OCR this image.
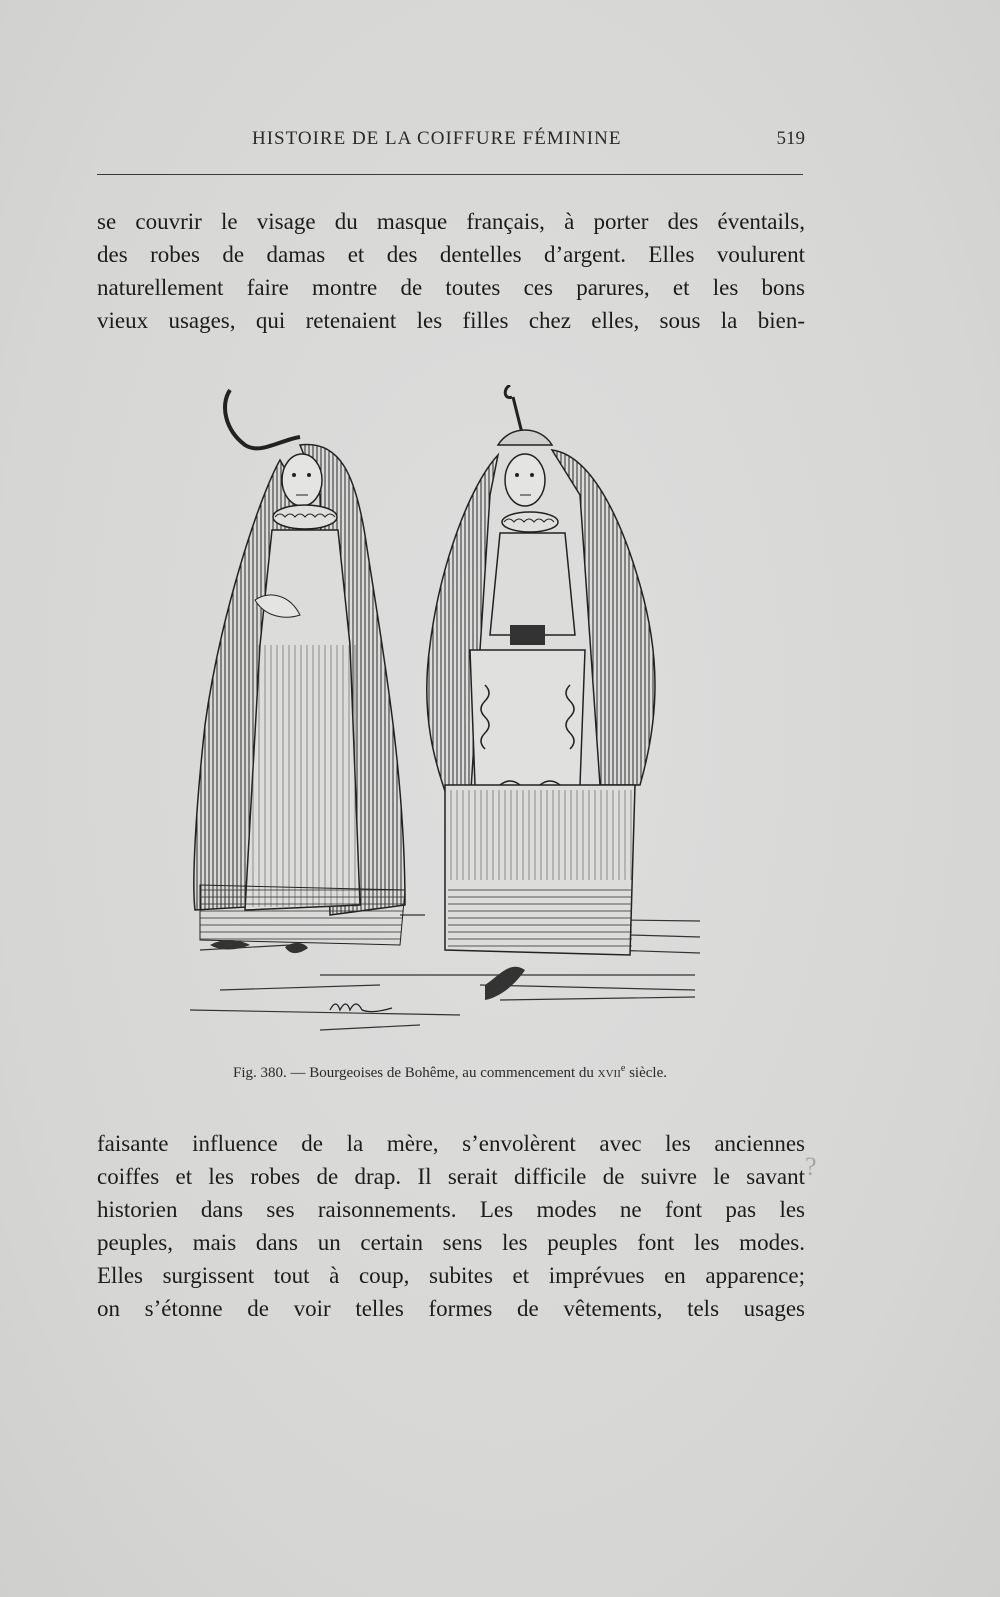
HISTOIRE DE LA COIFFURE FÉMININE	519
se couvrir le visage du masque français, à porter des éventails,
des robes de damas et des dentelles d’argent. Elles voulurent
naturellement faire montre de toutes ces parures, et les bons
vieux usages, qui retenaient les filles chez elles, sous la bien-
Fig. 380. — Bourgeoises de Bohême, au commencement du xvii$^e$ siècle.
faisante influence de la mère, s’envolèrent avec les anciennes
coiffes et les robes de drap. Il serait difficile de suivre le savant
historien dans ses raisonnements. Les modes ne font pas les
peuples, mais dans un certain sens les peuples font les modes.
Elles surgissent tout à coup, subites et imprévues en apparence;
on s’étonne de voir telles formes de vêtements, tels usages
?
